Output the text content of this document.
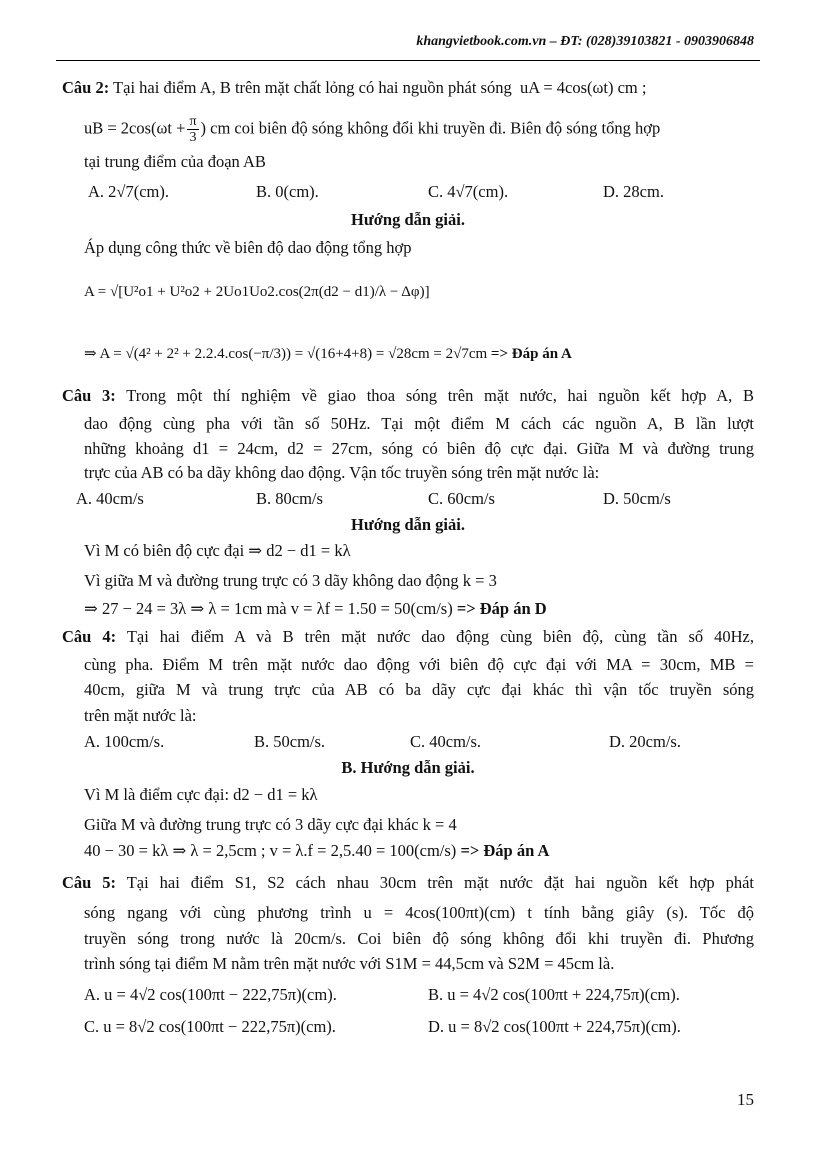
khangvietbook.com.vn – ĐT: (028)39103821 - 0903906848
Câu 2: Tại hai điểm A, B trên mặt chất lỏng có hai nguồn phát sóng uA = 4cos(ωt) cm ;
uB = $2\cos(\omega t + \frac{\pi}{3}$ ) cm coi biên độ sóng không đổi khi truyền đi. Biên độ sóng tổng hợp
tại trung điểm của đoạn AB
A. 2√7(cm).	B. 0(cm).	C. 4√7(cm).	D. 28cm.
Hướng dẫn giải.
Áp dụng công thức về biên độ dao động tổng hợp
A = √[U²o1 + U²o2 + 2Uo1Uo2.cos(2π(d2 − d1)/λ − Δφ)]
⇒ A = √(4² + 2² + 2.2.4.cos(−π/3)) = √(16+4+8) = √28cm = 2√7cm => Đáp án A
Câu 3: Trong một thí nghiệm về giao thoa sóng trên mặt nước, hai nguồn kết hợp A, B
dao động cùng pha với tần số 50Hz. Tại một điểm M cách các nguồn A, B lần lượt
những khoảng d1 = 24cm, d2 = 27cm, sóng có biên độ cực đại. Giữa M và đường trung
trực của AB có ba dãy không dao động. Vận tốc truyền sóng trên mặt nước là:
A. 40cm/s	B. 80cm/s	C. 60cm/s	D. 50cm/s
Hướng dẫn giải.
Vì M có biên độ cực đại ⇒ d2 − d1 = kλ
Vì giữa M và đường trung trực có 3 dãy không dao động k = 3
⇒ 27 − 24 = 3λ ⇒ λ = 1cm mà v = λf = 1.50 = 50(cm/s) => Đáp án D
Câu 4: Tại hai điểm A và B trên mặt nước dao động cùng biên độ, cùng tần số 40Hz,
cùng pha. Điểm M trên mặt nước dao động với biên độ cực đại với MA = 30cm, MB =
40cm, giữa M và trung trực của AB có ba dãy cực đại khác thì vận tốc truyền sóng
trên mặt nước là:
A. 100cm/s.	B. 50cm/s.	C. 40cm/s.	D. 20cm/s.
B. Hướng dẫn giải.
Vì M là điểm cực đại: d2 − d1 = kλ
Giữa M và đường trung trực có 3 dãy cực đại khác k = 4
40 − 30 = kλ ⇒ λ = 2,5cm ; v = λ.f = 2,5.40 = 100(cm/s) => Đáp án A
Câu 5: Tại hai điểm S1, S2 cách nhau 30cm trên mặt nước đặt hai nguồn kết hợp phát
sóng ngang với cùng phương trình u = 4cos(100πt)(cm) t tính bằng giây (s). Tốc độ
truyền sóng trong nước là 20cm/s. Coi biên độ sóng không đổi khi truyền đi. Phương
trình sóng tại điểm M nằm trên mặt nước với S1M = 44,5cm và S2M = 45cm là.
A. u = 4√2 cos(100πt − 222,75π)(cm).	B. u = 4√2 cos(100πt + 224,75π)(cm).
C. u = 8√2 cos(100πt − 222,75π)(cm).	D. u = 8√2 cos(100πt + 224,75π)(cm).
15
